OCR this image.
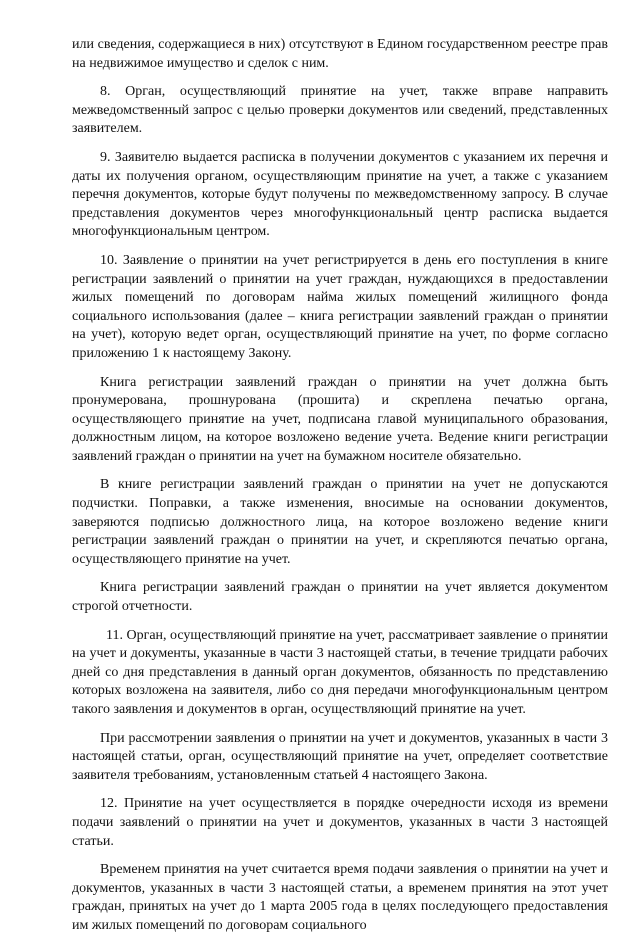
или сведения, содержащиеся в них) отсутствуют в Едином государственном реестре прав на недвижимое имущество и сделок с ним.

8. Орган, осуществляющий принятие на учет, также вправе направить межведомственный запрос с целью проверки документов или сведений, представленных заявителем.

9. Заявителю выдается расписка в получении документов с указанием их перечня и даты их получения органом, осуществляющим принятие на учет, а также с указанием перечня документов, которые будут получены по межведомственному запросу. В случае представления документов через многофункциональный центр расписка выдается многофункциональным центром.

10. Заявление о принятии на учет регистрируется в день его поступления в книге регистрации заявлений о принятии на учет граждан, нуждающихся в предоставлении жилых помещений по договорам найма жилых помещений жилищного фонда социального использования (далее – книга регистрации заявлений граждан о принятии на учет), которую ведет орган, осуществляющий принятие на учет, по форме согласно приложению 1 к настоящему Закону.

Книга регистрации заявлений граждан о принятии на учет должна быть пронумерована, прошнурована (прошита) и скреплена печатью органа, осуществляющего принятие на учет, подписана главой муниципального образования, должностным лицом, на которое возложено ведение учета. Ведение книги регистрации заявлений граждан о принятии на учет на бумажном носителе обязательно.

В книге регистрации заявлений граждан о принятии на учет не допускаются подчистки. Поправки, а также изменения, вносимые на основании документов, заверяются подписью должностного лица, на которое возложено ведение книги регистрации заявлений граждан о принятии на учет, и скрепляются печатью органа, осуществляющего принятие на учет.

Книга регистрации заявлений граждан о принятии на учет является документом строгой отчетности.

11. Орган, осуществляющий принятие на учет, рассматривает заявление о принятии на учет и документы, указанные в части 3 настоящей статьи, в течение тридцати рабочих дней со дня представления в данный орган документов, обязанность по представлению которых возложена на заявителя, либо со дня передачи многофункциональным центром такого заявления и документов в орган, осуществляющий принятие на учет.

При рассмотрении заявления о принятии на учет и документов, указанных в части 3 настоящей статьи, орган, осуществляющий принятие на учет, определяет соответствие заявителя требованиям, установленным статьей 4 настоящего Закона.

12. Принятие на учет осуществляется в порядке очередности исходя из времени подачи заявлений о принятии на учет и документов, указанных в части 3 настоящей статьи.

Временем принятия на учет считается время подачи заявления о принятии на учет и документов, указанных в части 3 настоящей статьи, а временем принятия на этот учет граждан, принятых на учет до 1 марта 2005 года в целях последующего предоставления им жилых помещений по договорам социального
